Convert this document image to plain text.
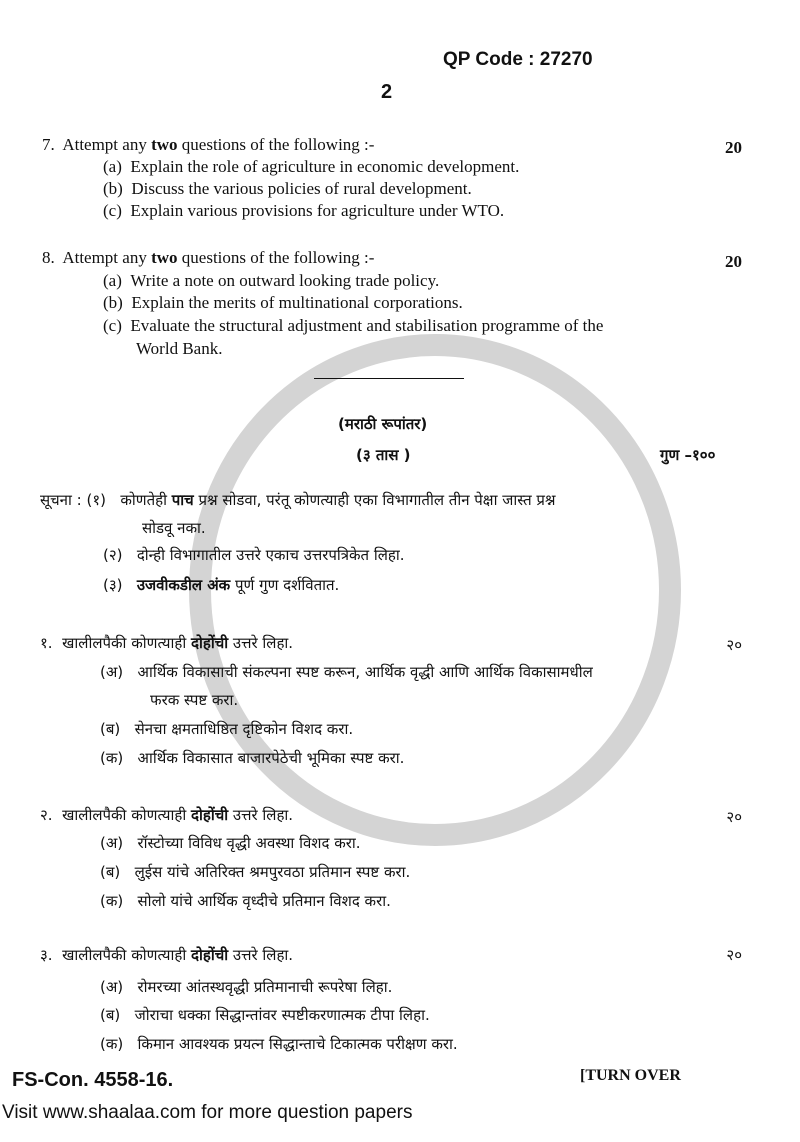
QP Code : 27270
2
7. Attempt any two questions of the following :-	20
(a) Explain the role of agriculture in economic development.
(b) Discuss the various policies of rural development.
(c) Explain various provisions for agriculture under WTO.
8. Attempt any two questions of the following :-	20
(a) Write a note on outward looking trade policy.
(b) Explain the merits of multinational corporations.
(c) Evaluate the structural adjustment and stabilisation programme of the
World Bank.
(मराठी रूपांतर)
(३ तास )	गुण –१००
सूचना : (१) कोणतेही पाच प्रश्न सोडवा, परंतू कोणत्याही एका विभागातील तीन पेक्षा जास्त प्रश्न
सोडवू नका.
(२) दोन्ही विभागातील उत्तरे एकाच उत्तरपत्रिकेत लिहा.
(३) उजवीकडील अंक पूर्ण गुण दर्शवितात.
१. खालीलपैकी कोणत्याही दोहोंची उत्तरे लिहा.	२०
(अ) आर्थिक विकासाची संकल्पना स्पष्ट करून, आर्थिक वृद्धी आणि आर्थिक विकासामधील
फरक स्पष्ट करा.
(ब) सेनचा क्षमताधिष्ठित दृष्टिकोन विशद करा.
(क) आर्थिक विकासात बाजारपेठेची भूमिका स्पष्ट करा.
२. खालीलपैकी कोणत्याही दोहोंची उत्तरे लिहा.	२०
(अ) रॉस्टोच्या विविध वृद्धी अवस्था विशद करा.
(ब) लुईस यांचे अतिरिक्त श्रमपुरवठा प्रतिमान स्पष्ट करा.
(क) सोलो यांचे आर्थिक वृध्दीचे प्रतिमान विशद करा.
३. खालीलपैकी कोणत्याही दोहोंची उत्तरे लिहा.	२०
(अ) रोमरच्या आंतस्थवृद्धी प्रतिमानाची रूपरेषा लिहा.
(ब) जोराचा धक्का सिद्धान्तांवर स्पष्टीकरणात्मक टीपा लिहा.
(क) किमान आवश्यक प्रयत्न सिद्धान्ताचे टिकात्मक परीक्षण करा.
FS-Con. 4558-16.	[TURN OVER
Visit www.shaalaa.com for more question papers
